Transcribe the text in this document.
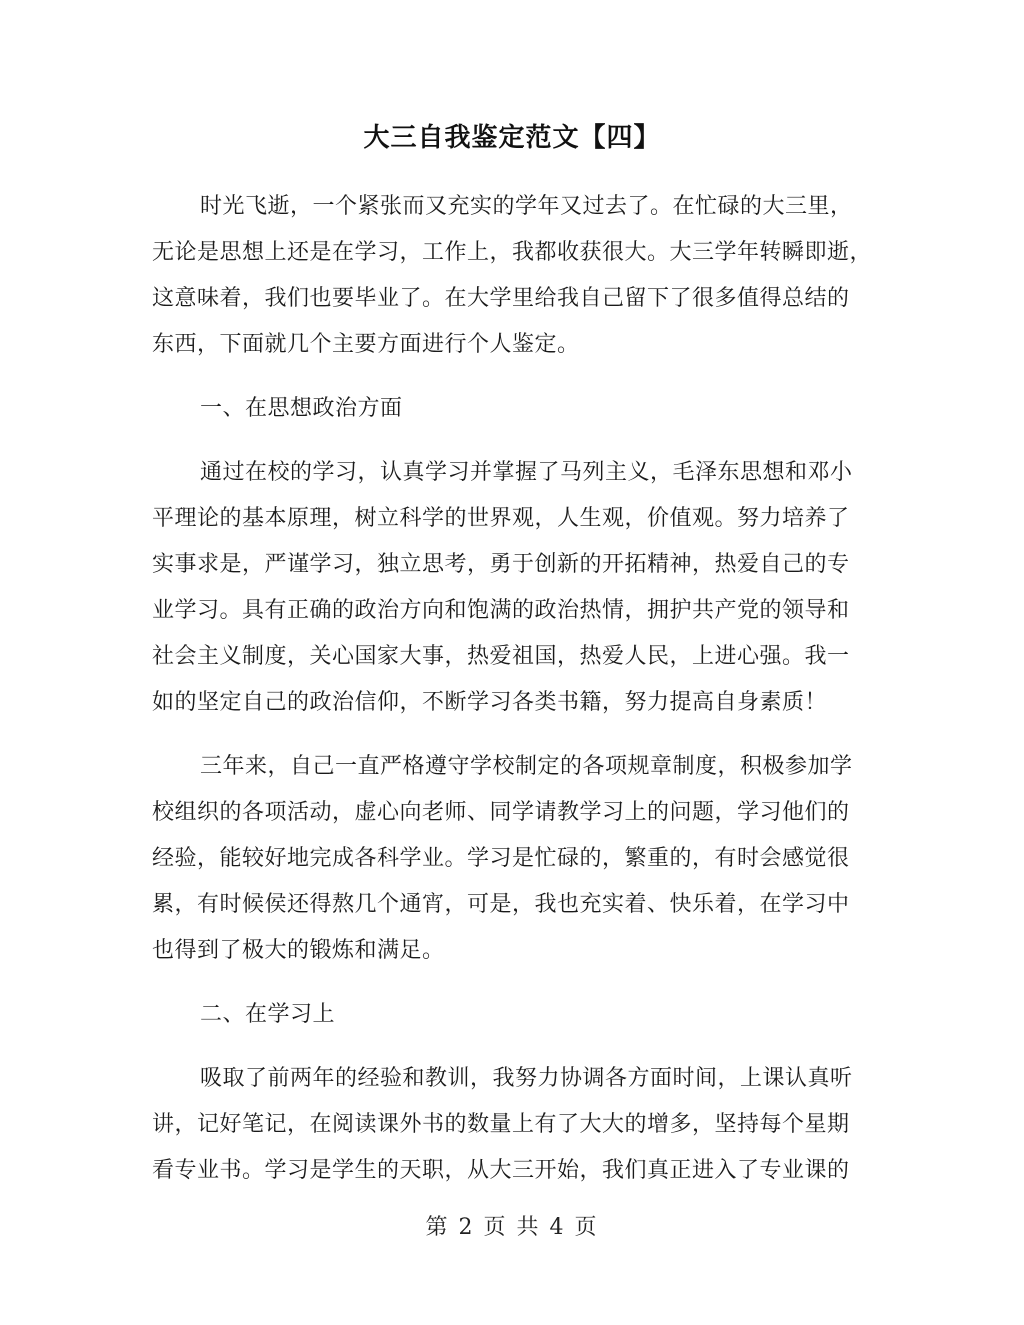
大三自我鉴定范文【四】
时光飞逝，一个紧张而又充实的学年又过去了。在忙碌的大三里，
无论是思想上还是在学习，工作上，我都收获很大。大三学年转瞬即逝，
这意味着，我们也要毕业了。在大学里给我自己留下了很多值得总结的
东西，下面就几个主要方面进行个人鉴定。
一、在思想政治方面
通过在校的学习，认真学习并掌握了马列主义，毛泽东思想和邓小
平理论的基本原理，树立科学的世界观，人生观，价值观。努力培养了
实事求是，严谨学习，独立思考，勇于创新的开拓精神，热爱自己的专
业学习。具有正确的政治方向和饱满的政治热情，拥护共产党的领导和
社会主义制度，关心国家大事，热爱祖国，热爱人民，上进心强。我一
如的坚定自己的政治信仰，不断学习各类书籍，努力提高自身素质！
三年来，自己一直严格遵守学校制定的各项规章制度，积极参加学
校组织的各项活动，虚心向老师、同学请教学习上的问题，学习他们的
经验，能较好地完成各科学业。学习是忙碌的，繁重的，有时会感觉很
累，有时候侯还得熬几个通宵，可是，我也充实着、快乐着，在学习中
也得到了极大的锻炼和满足。
二、在学习上
吸取了前两年的经验和教训，我努力协调各方面时间，上课认真听
讲，记好笔记，在阅读课外书的数量上有了大大的增多，坚持每个星期
看专业书。学习是学生的天职，从大三开始，我们真正进入了专业课的
第 2 页 共 4 页
